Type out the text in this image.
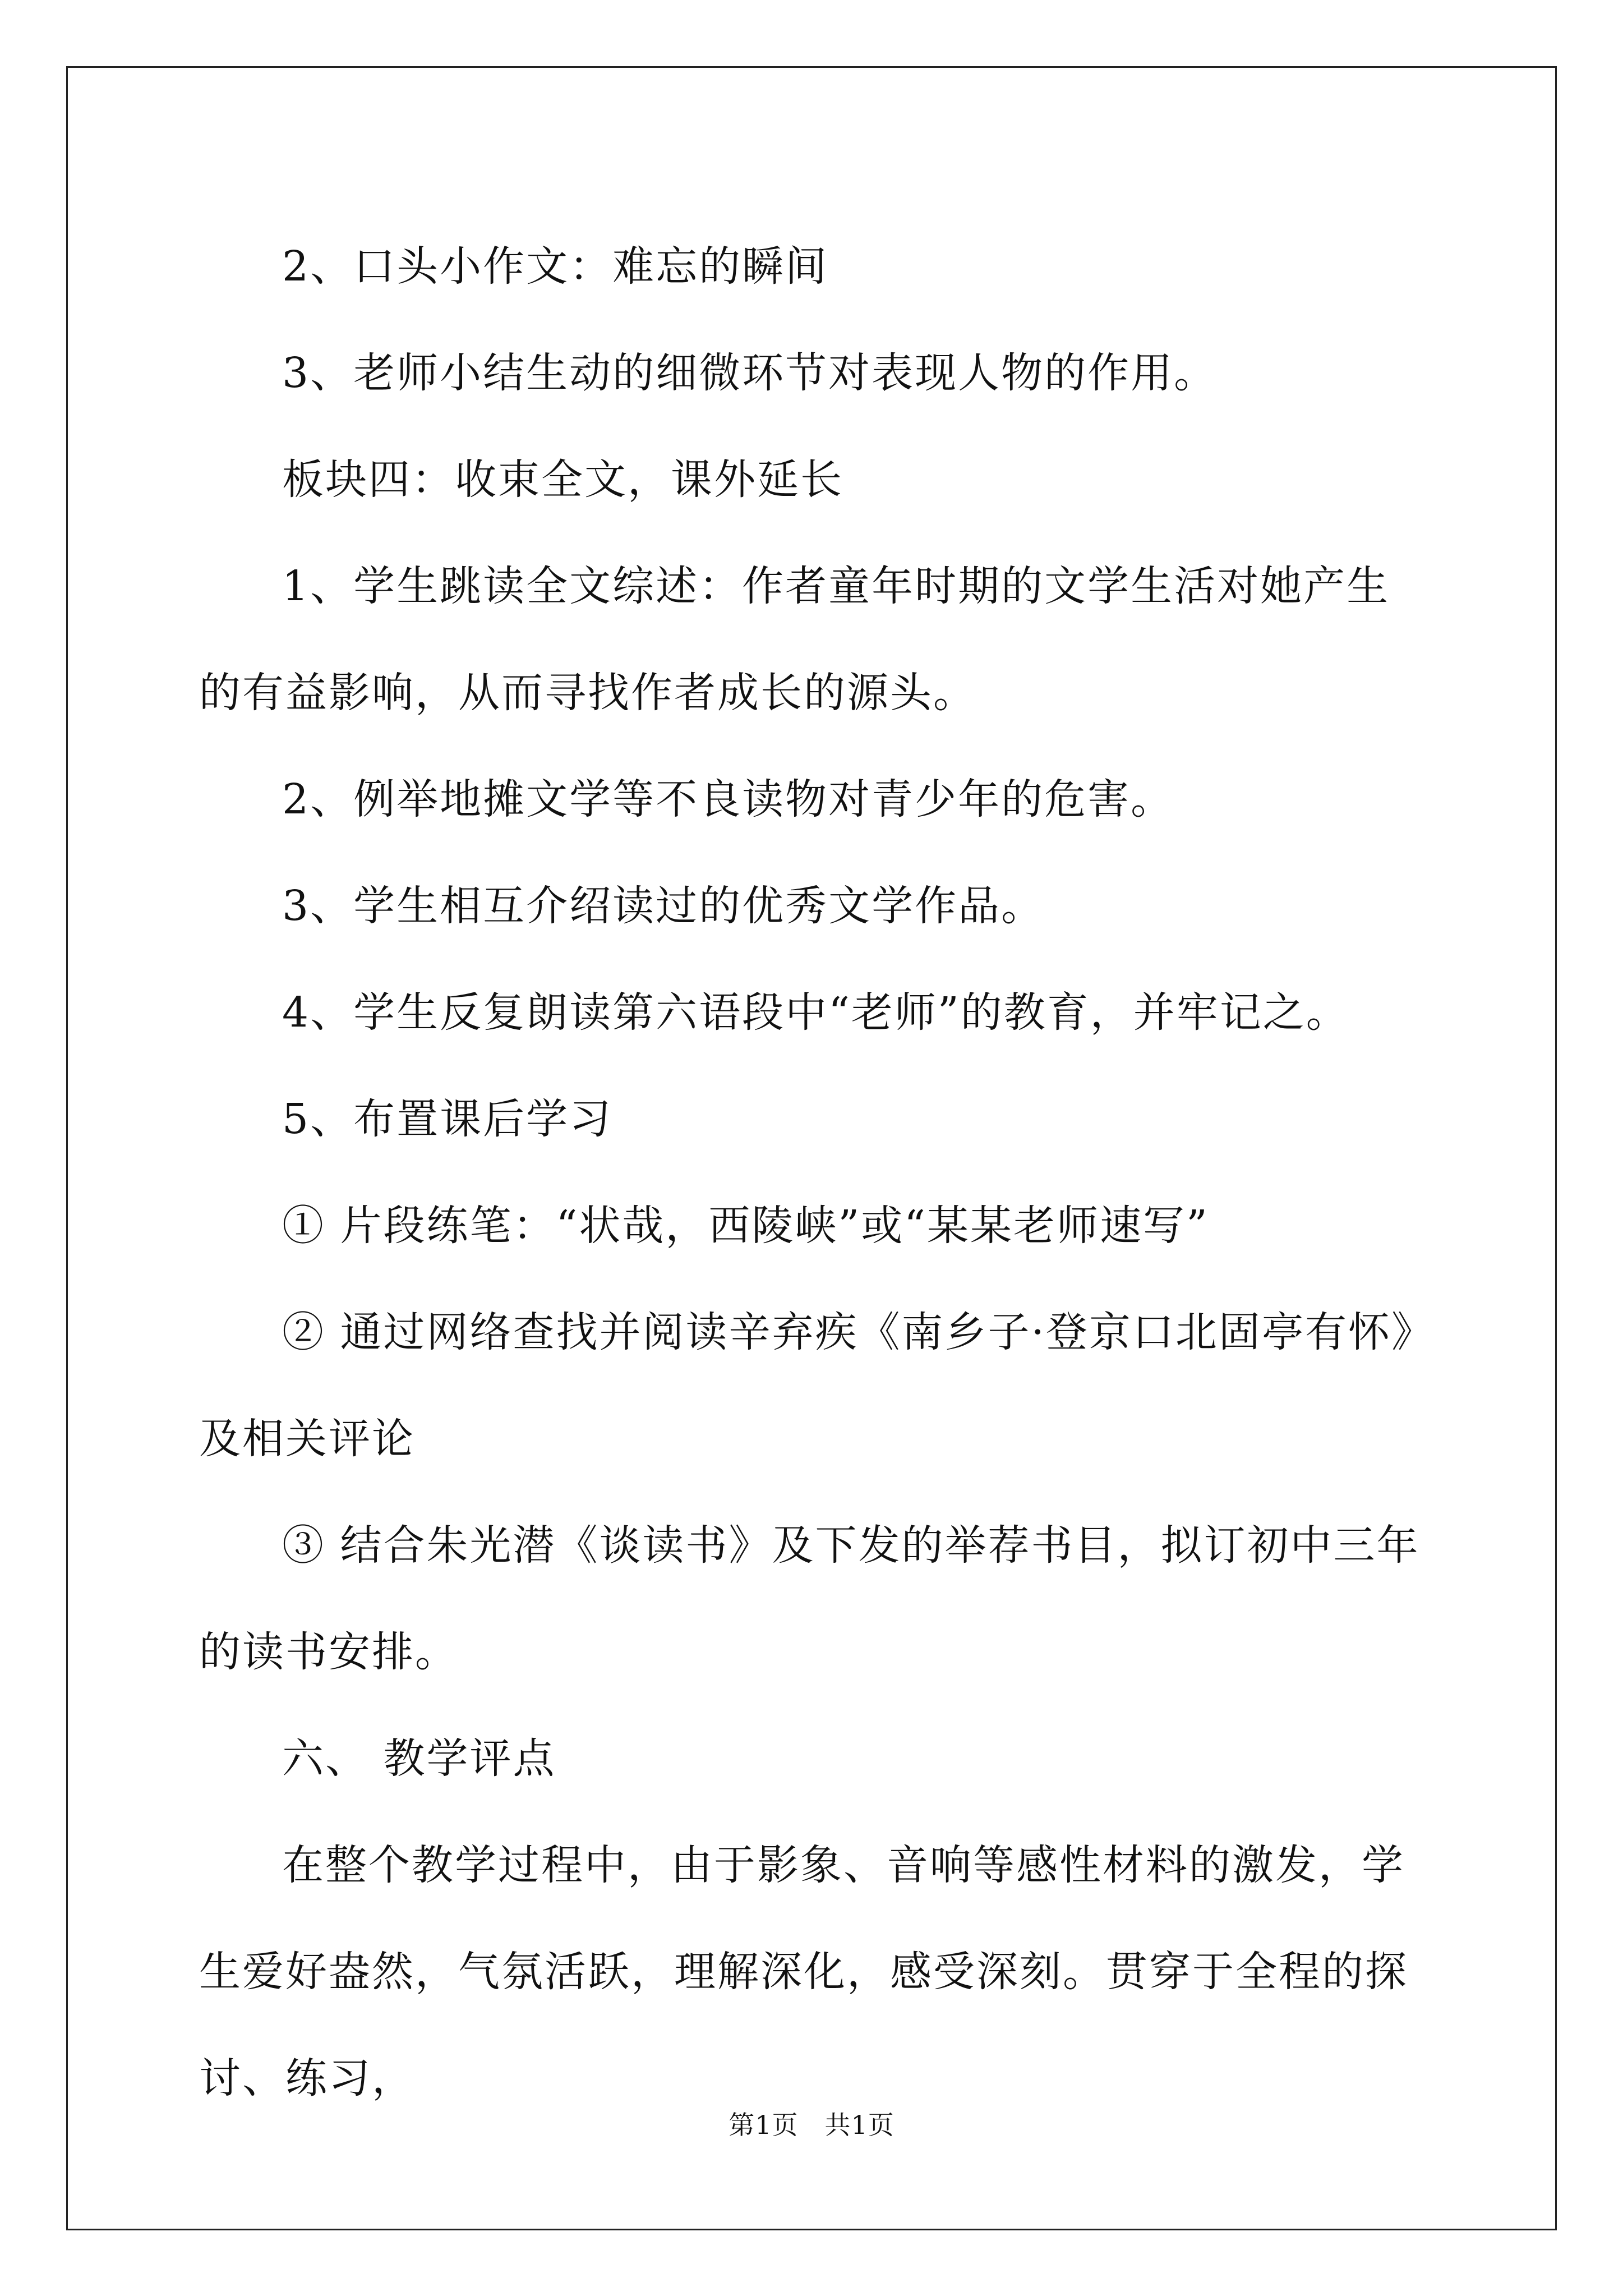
2、口头小作文：难忘的瞬间

3、老师小结生动的细微环节对表现人物的作用。

板块四：收束全文，课外延长

1、学生跳读全文综述：作者童年时期的文学生活对她产生的有益影响，从而寻找作者成长的源头。

2、例举地摊文学等不良读物对青少年的危害。

3、学生相互介绍读过的优秀文学作品。

4、学生反复朗读第六语段中“老师”的教育，并牢记之。

5、布置课后学习

① 片段练笔：“状哉，西陵峡”或“某某老师速写”

② 通过网络查找并阅读辛弃疾《南乡子·登京口北固亭有怀》及相关评论

③ 结合朱光潜《谈读书》及下发的举荐书目，拟订初中三年的读书安排。

六、 教学评点

在整个教学过程中，由于影象、音响等感性材料的激发，学生爱好盎然，气氛活跃，理解深化，感受深刻。贯穿于全程的探讨、练习，

第1页 共1页
